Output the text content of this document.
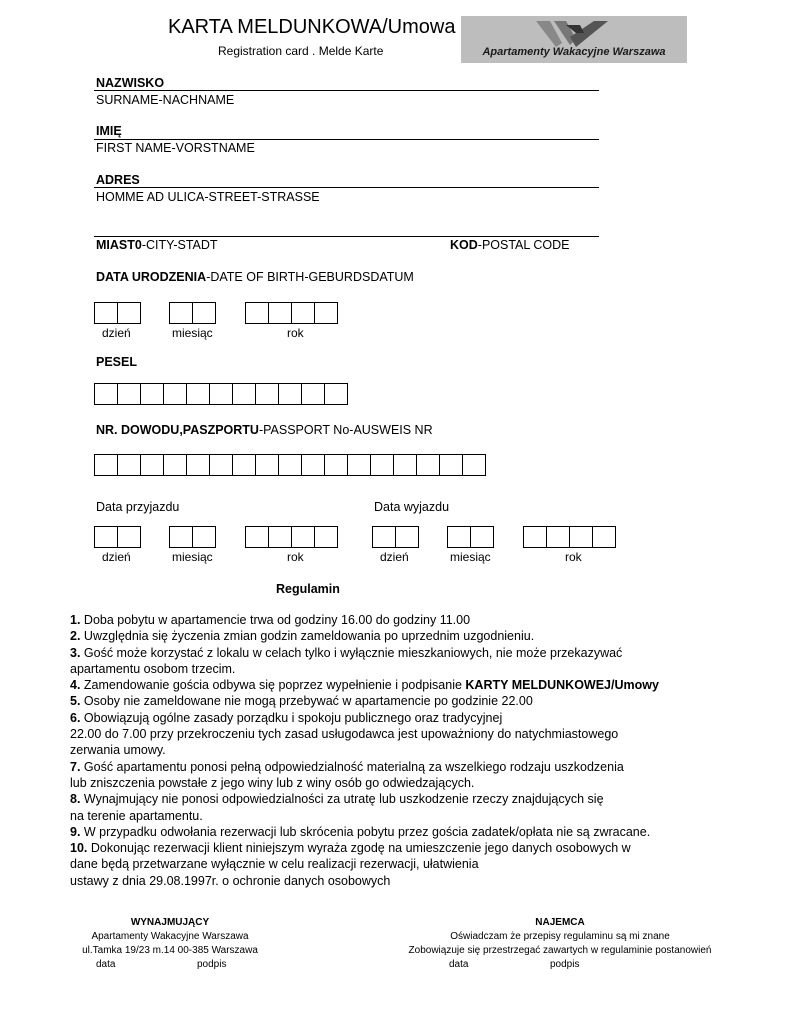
KARTA MELDUNKOWA/Umowa
Registration card . Melde Karte	Apartamenty Wakacyjne Warszawa
NAZWISKO
SURNAME-NACHNAME
IMIĘ
FIRST NAME-VORSTNAME
ADRES
HOMME AD ULICA-STREET-STRASSE
MIAST0-CITY-STADT	KOD-POSTAL CODE
DATA URODZENIA-DATE OF BIRTH-GEBURDSDATUM
dzień	miesiąc	rok
PESEL
NR. DOWODU,PASZPORTU-PASSPORT No-AUSWEIS NR
Data przyjazdu	Data wyjazdu
dzień	miesiąc	rok	dzień	miesiąc	rok
Regulamin
1. Doba pobytu w apartamencie trwa od godziny 16.00 do godziny 11.00
2. Uwzględnia się życzenia zmian godzin zameldowania po uprzednim uzgodnieniu.
3. Gość może korzystać z lokalu w celach tylko i wyłącznie mieszkaniowych, nie może przekazywać
apartamentu osobom trzecim.
4. Zamendowanie gościa odbywa się poprzez wypełnienie i podpisanie KARTY MELDUNKOWEJ/Umowy
5. Osoby nie zameldowane nie mogą przebywać w apartamencie po godzinie 22.00
6. Obowiązują ogólne zasady porządku i spokoju publicznego oraz tradycyjnej
22.00 do 7.00 przy przekroczeniu tych zasad usługodawca jest upoważniony do natychmiastowego
zerwania umowy.
7. Gość apartamentu ponosi pełną odpowiedzialność materialną za wszelkiego rodzaju uszkodzenia
lub zniszczenia powstałe z jego winy lub z winy osób go odwiedzających.
8. Wynajmujący nie ponosi odpowiedzialności za utratę lub uszkodzenie rzeczy znajdujących się
na terenie apartamentu.
9. W przypadku odwołania rezerwacji lub skrócenia pobytu przez gościa zadatek/opłata nie są zwracane.
10. Dokonując rezerwacji klient niniejszym wyraża zgodę na umieszczenie jego danych osobowych w
dane będą przetwarzane wyłącznie w celu realizacji rezerwacji, ułatwienia
ustawy z dnia 29.08.1997r. o ochronie danych osobowych
WYNAJMUJĄCY
Apartamenty Wakacyjne Warszawa
ul.Tamka 19/23 m.14 00-385 Warszawa
data	podpis
NAJEMCA
Oświadczam że przepisy regulaminu są mi znane
Zobowiązuje się przestrzegać zawartych w regulaminie postanowień
data	podpis
